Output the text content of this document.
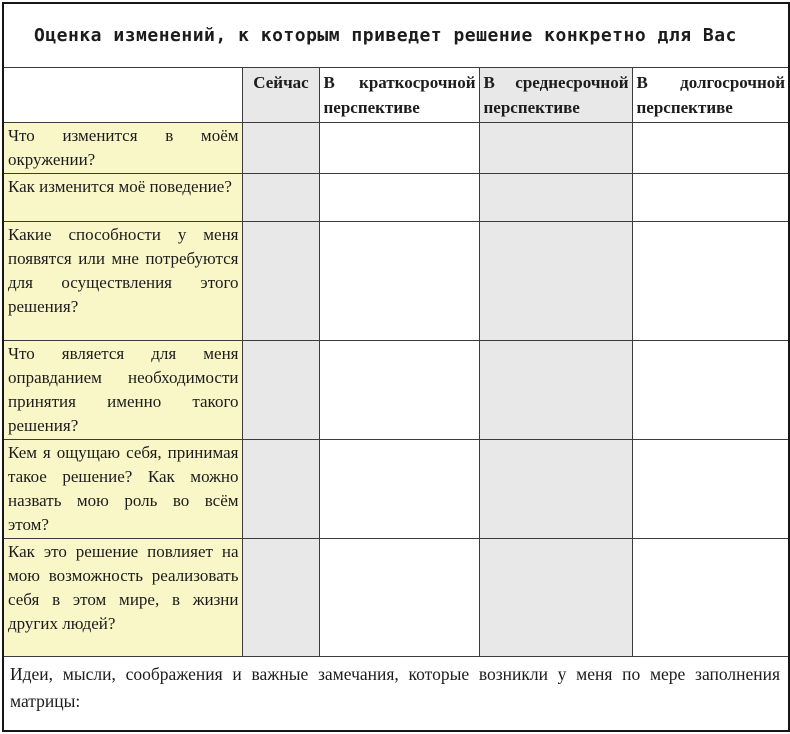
Оценка изменений, к которым приведет решение конкретно для Вас				
	Сейчас	В краткосрочной перспективе	В среднесрочной перспективе	В долгосрочной перспективе
Что изменится в моём окружении?				
Как изменится моё поведение?				
Какие способности у меня появятся или мне потребуются для осуществления этого решения?				
Что является для меня оправданием необходимости принятия именно такого решения?				
Кем я ощущаю себя, принимая такое решение? Как можно назвать мою роль во всём этом?				
Как это решение повлияет на мою возможность реализовать себя в этом мире, в жизни других людей?				
Идеи, мысли, соображения и важные замечания, которые возникли у меня по мере заполнения матрицы:				
